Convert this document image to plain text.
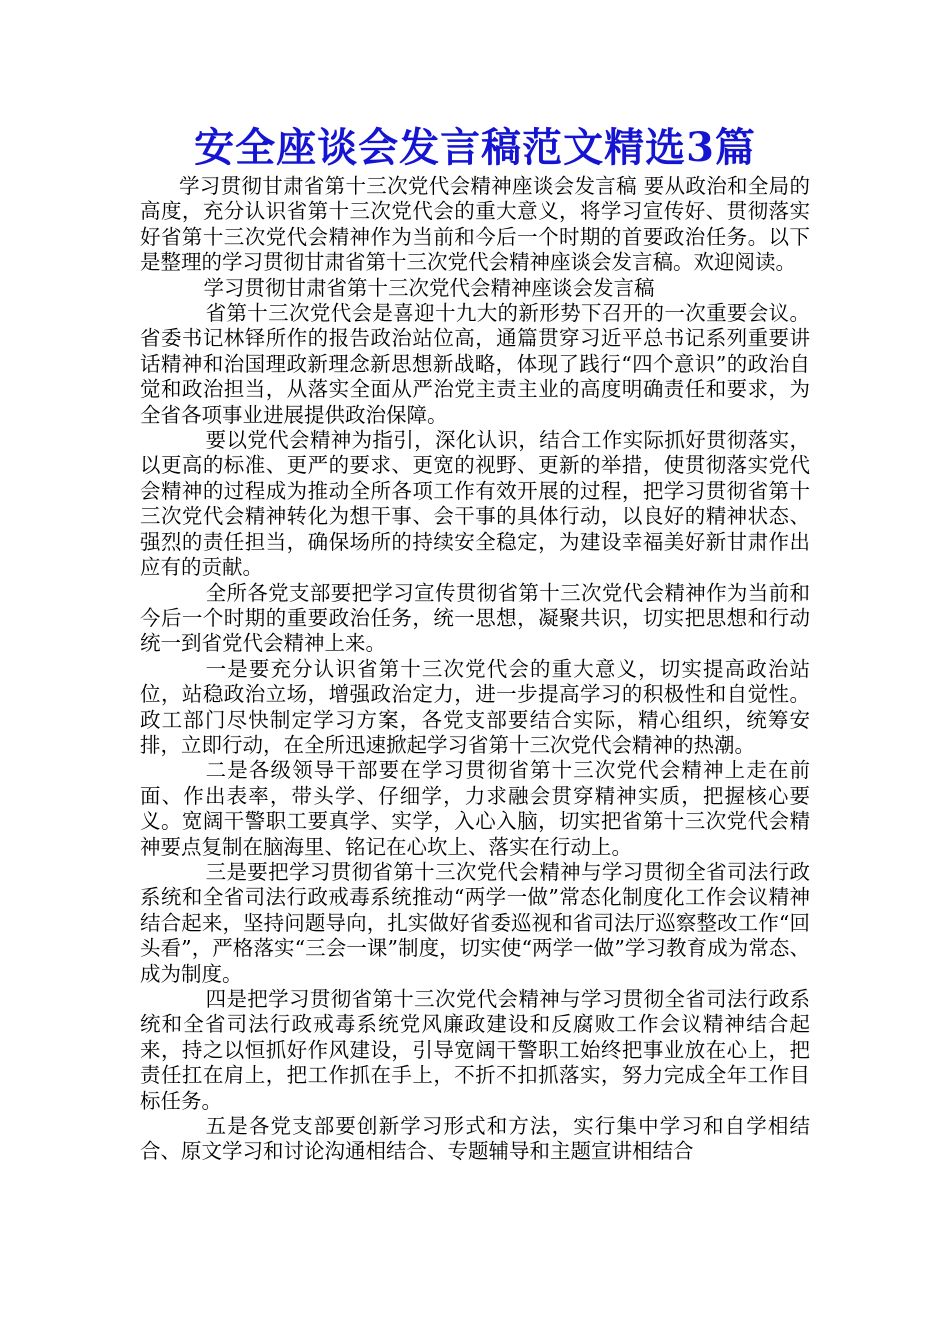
安全座谈会发言稿范文精选3篇

学习贯彻甘肃省第十三次党代会精神座谈会发言稿 要从政治和全局的高度，充分认识省第十三次党代会的重大意义，将学习宣传好、贯彻落实好省第十三次党代会精神作为当前和今后一个时期的首要政治任务。以下是整理的学习贯彻甘肃省第十三次党代会精神座谈会发言稿。欢迎阅读。

学习贯彻甘肃省第十三次党代会精神座谈会发言稿

省第十三次党代会是喜迎十九大的新形势下召开的一次重要会议。省委书记林铎所作的报告政治站位高，通篇贯穿习近平总书记系列重要讲话精神和治国理政新理念新思想新战略，体现了践行“四个意识”的政治自觉和政治担当，从落实全面从严治党主责主业的高度明确责任和要求，为全省各项事业进展提供政治保障。

要以党代会精神为指引，深化认识，结合工作实际抓好贯彻落实，以更高的标准、更严的要求、更宽的视野、更新的举措，使贯彻落实党代会精神的过程成为推动全所各项工作有效开展的过程，把学习贯彻省第十三次党代会精神转化为想干事、会干事的具体行动，以良好的精神状态、强烈的责任担当，确保场所的持续安全稳定，为建设幸福美好新甘肃作出应有的贡献。

全所各党支部要把学习宣传贯彻省第十三次党代会精神作为当前和今后一个时期的重要政治任务，统一思想，凝聚共识，切实把思想和行动统一到省党代会精神上来。

一是要充分认识省第十三次党代会的重大意义，切实提高政治站位，站稳政治立场，增强政治定力，进一步提高学习的积极性和自觉性。政工部门尽快制定学习方案，各党支部要结合实际，精心组织，统筹安排，立即行动，在全所迅速掀起学习省第十三次党代会精神的热潮。

二是各级领导干部要在学习贯彻省第十三次党代会精神上走在前面、作出表率，带头学、仔细学，力求融会贯穿精神实质，把握核心要义。宽阔干警职工要真学、实学，入心入脑，切实把省第十三次党代会精神要点复制在脑海里、铭记在心坎上、落实在行动上。

三是要把学习贯彻省第十三次党代会精神与学习贯彻全省司法行政系统和全省司法行政戒毒系统推动“两学一做”常态化制度化工作会议精神结合起来，坚持问题导向，扎实做好省委巡视和省司法厅巡察整改工作“回头看”，严格落实“三会一课”制度，切实使“两学一做”学习教育成为常态、成为制度。

四是把学习贯彻省第十三次党代会精神与学习贯彻全省司法行政系统和全省司法行政戒毒系统党风廉政建设和反腐败工作会议精神结合起来，持之以恒抓好作风建设，引导宽阔干警职工始终把事业放在心上，把责任扛在肩上，把工作抓在手上，不折不扣抓落实，努力完成全年工作目标任务。

五是各党支部要创新学习形式和方法，实行集中学习和自学相结合、原文学习和讨论沟通相结合、专题辅导和主题宣讲相结合
